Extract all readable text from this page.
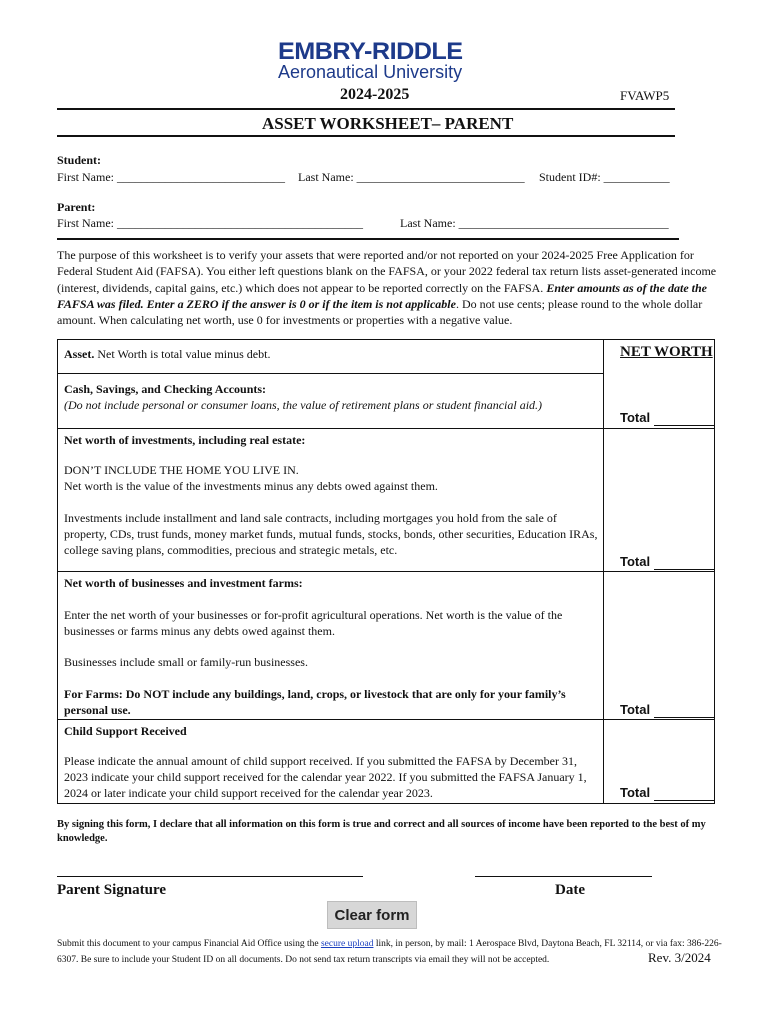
EMBRY-RIDDLE
Aeronautical University
2024-2025	FVAWP5
ASSET WORKSHEET– PARENT
Student:
First Name: ____________________________ Last Name: ____________________________ Student ID#: ___________
Parent:
First Name: _________________________________________	Last Name: ___________________________________
The purpose of this worksheet is to verify your assets that were reported and/or not reported on your 2024-2025 Free Application for Federal Student Aid (FAFSA). You either left questions blank on the FAFSA, or your 2022 federal tax return lists asset-generated income (interest, dividends, capital gains, etc.) which does not appear to be reported correctly on the FAFSA. Enter amounts as of the date the FAFSA was filed. Enter a ZERO if the answer is 0 or if the item is not applicable. Do not use cents; please round to the whole dollar amount. When calculating net worth, use 0 for investments or properties with a negative value.
Asset. Net Worth is total value minus debt.	NET WORTH
Cash, Savings, and Checking Accounts:
(Do not include personal or consumer loans, the value of retirement plans or student financial aid.)
Total
Net worth of investments, including real estate:
DON’T INCLUDE THE HOME YOU LIVE IN.
Net worth is the value of the investments minus any debts owed against them.
Investments include installment and land sale contracts, including mortgages you hold from the sale of property, CDs, trust funds, money market funds, mutual funds, stocks, bonds, other securities, Education IRAs, college saving plans, commodities, precious and strategic metals, etc.
Total
Net worth of businesses and investment farms:
Enter the net worth of your businesses or for-profit agricultural operations. Net worth is the value of the businesses or farms minus any debts owed against them.
Businesses include small or family-run businesses.
For Farms: Do NOT include any buildings, land, crops, or livestock that are only for your family’s personal use.	Total
Child Support Received
Please indicate the annual amount of child support received. If you submitted the FAFSA by December 31, 2023 indicate your child support received for the calendar year 2022. If you submitted the FAFSA January 1, 2024 or later indicate your child support received for the calendar year 2023.	Total
By signing this form, I declare that all information on this form is true and correct and all sources of income have been reported to the best of my knowledge.
Parent Signature	Date
Clear form
Submit this document to your campus Financial Aid Office using the secure upload link, in person, by mail: 1 Aerospace Blvd, Daytona Beach, FL 32114, or via fax: 386-226-6307. Be sure to include your Student ID on all documents. Do not send tax return transcripts via email they will not be accepted.	Rev. 3/2024
